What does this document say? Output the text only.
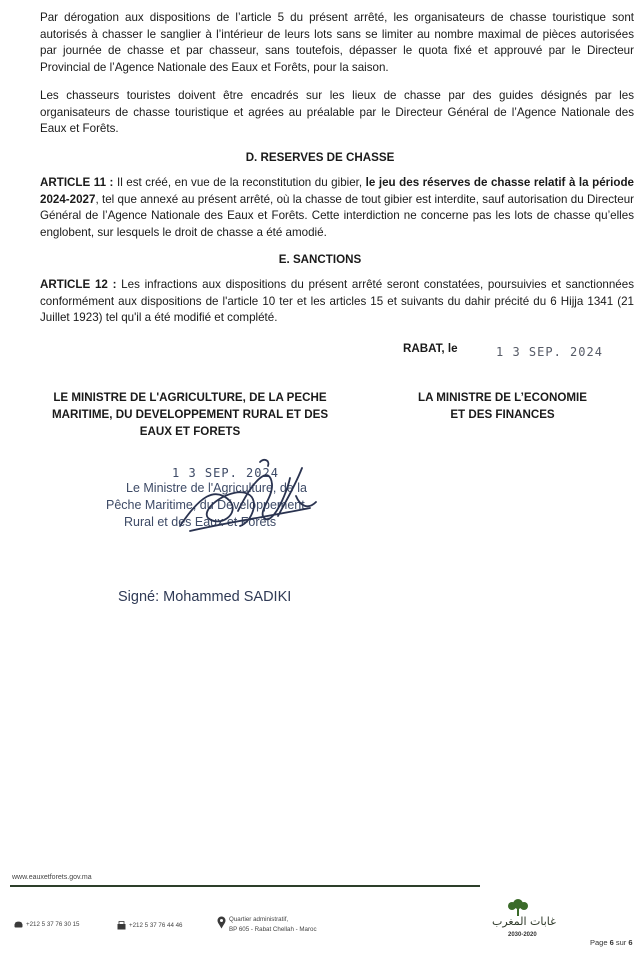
Par dérogation aux dispositions de l’article 5 du présent arrêté, les organisateurs de chasse touristique sont autorisés à chasser le sanglier à l’intérieur de leurs lots sans se limiter au nombre maximal de pièces autorisées par journée de chasse et par chasseur, sans toutefois, dépasser le quota fixé et approuvé par le Directeur Provincial de l’Agence Nationale des Eaux et Forêts, pour la saison.

Les chasseurs touristes doivent être encadrés sur les lieux de chasse par des guides désignés par les organisateurs de chasse touristique et agrées au préalable par le Directeur Général de l’Agence Nationale des Eaux et Forêts.

D. RESERVES DE CHASSE

ARTICLE 11 : Il est créé, en vue de la reconstitution du gibier, le jeu des réserves de chasse relatif à la période 2024-2027, tel que annexé au présent arrêté, où la chasse de tout gibier est interdite, sauf autorisation du Directeur Général de l’Agence Nationale des Eaux et Forêts. Cette interdiction ne concerne pas les lots de chasse qu’elles englobent, sur lesquels le droit de chasse a été amodié.

E. SANCTIONS

ARTICLE 12 : Les infractions aux dispositions du présent arrêté seront constatées, poursuivies et sanctionnées conformément aux dispositions de l'article 10 ter et les articles 15 et suivants du dahir précité du 6 Hijja 1341 (21 Juillet 1923) tel qu'il a été modifié et complété.

RABAT, le	1 3 SEP. 2024
LE MINISTRE DE L'AGRICULTURE, DE LA PECHE
MARITIME, DU DEVELOPPEMENT RURAL ET DES
EAUX ET FORETS
LA MINISTRE DE L’ECONOMIE
ET DES FINANCES
1 3 SEP. 2024

Le Ministre de l'Agriculture, de la

Pêche Maritime, du Développement

Rural et des Eaux et Forêts

Signé: Mohammed SADIKI
www.eauxetforets.gov.ma
+212 5 37 76 30 15	+212 5 37 76 44 46
Quartier administratif,
BP 605 - Rabat Chellah - Maroc
غابات المغرب
2030-2020
Page 6 sur 6
